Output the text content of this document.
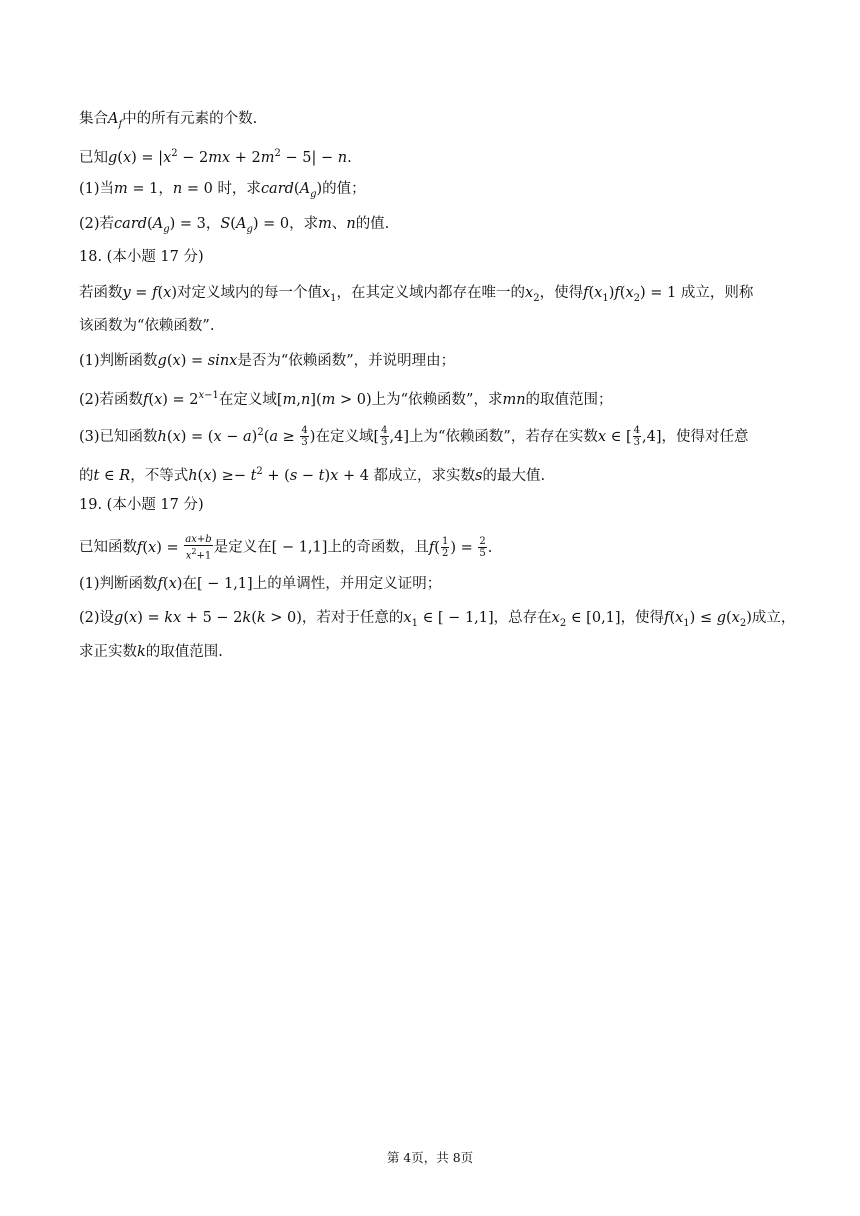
集合$A_f$中的所有元素的个数.
已知$g(x) = |x^2 - 2mx + 2m^2 - 5| - n$.
(1)当m = 1，n = 0 时，求$card(A_g)$的值；
(2)若$card(A_g) = 3$，$S(A_g) = 0$，求m、n的值.
18. (本小题 17 分)
若函数y = f(x)对定义域内的每一个值$x_1$，在其定义域内都存在唯一的$x_2$，使得$f(x_1)f(x_2) = 1$ 成立，则称
该函数为“依赖函数”.
(1)判断函数g(x) = sinx是否为“依赖函数”，并说明理由；
(2)若函数$f(x) = 2^{x-1}$在定义域[m,n](m > 0)上为“依赖函数”，求mn的取值范围；
(3)已知函数$h(x) = (x - a)^2(a \ge \frac{4}{3}$ )在定义域[ $\frac{4}{3} ,4$]上为“依赖函数”，若存在实数x ∈ [ $\frac{4}{3} ,4$]，使得对任意
的t ∈ R，不等式$h(x) \ge- t^2 + (s - t)x + 4$ 都成立，求实数s的最大值.
19. (本小题 17 分)
已知函数$f(x) = \frac{ax+b}{x^2+1}$ 是定义在[ − 1,1]上的奇函数，且$f( \frac{1}{2}$ ) = $\frac{2}{5}$ .
(1)判断函数f(x)在[ − 1,1]上的单调性，并用定义证明；
(2)设g(x) = kx + 5 − 2k(k > 0)，若对于任意的$x_1$ ∈ [ − 1,1]，总存在$x_2$ ∈ [0,1]，使得$f(x_1) \le g(x_2)$成立，
求正实数k的取值范围.
第 4页，共 8页
